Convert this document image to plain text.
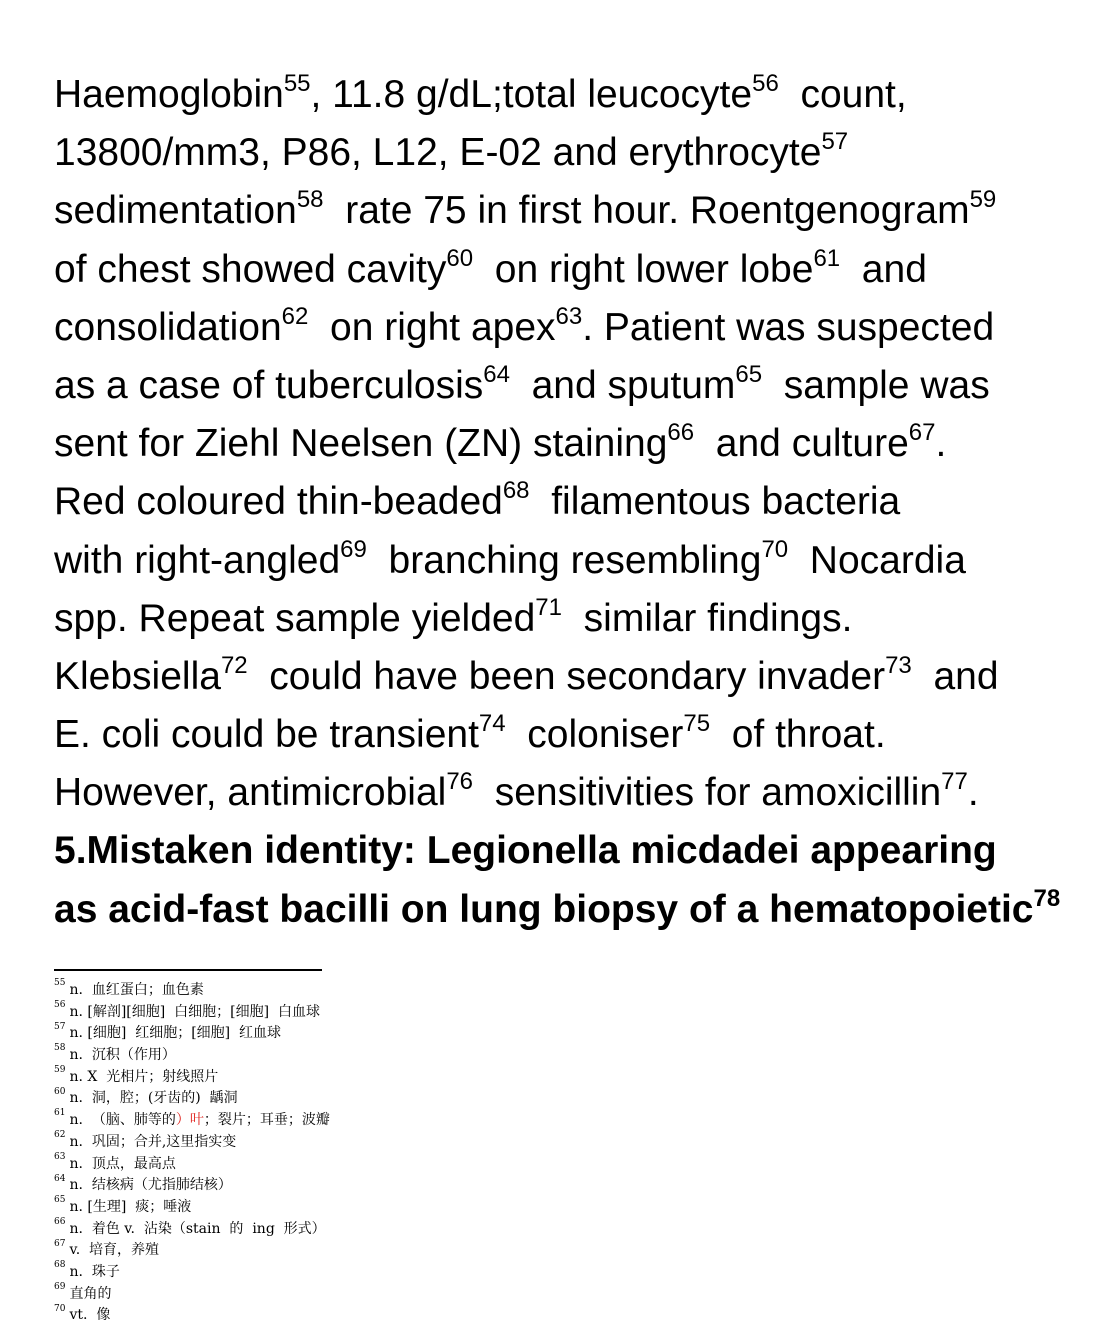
Haemoglobin$^{55}$, 11.8 g/dL;total leucocyte$^{56}$  count,
13800/mm3, P86, L12, E‑02 and erythrocyte$^{57}$
sedimentation$^{58}$  rate 75 in first hour. Roentgenogram$^{59}$
of chest showed cavity$^{60}$  on right lower lobe$^{61}$  and
consolidation$^{62}$  on right apex$^{63}$. Patient was suspected
as a case of tuberculosis$^{64}$  and sputum$^{65}$  sample was
sent for Ziehl Neelsen (ZN) staining$^{66}$  and culture$^{67}$.
Red coloured thin‑beaded$^{68}$  filamentous bacteria
with right‑angled$^{69}$  branching resembling$^{70}$  Nocardia
spp. Repeat sample yielded$^{71}$  similar findings.
Klebsiella$^{72}$  could have been secondary invader$^{73}$  and
E. coli could be transient$^{74}$  coloniser$^{75}$  of throat.
However, antimicrobial$^{76}$  sensitivities for amoxicillin$^{77}$.
5.Mistaken identity: Legionella micdadei appearing
as acid-fast bacilli on lung biopsy of a hematopoietic$^{78}$
$^{55}$ n.  血红蛋白；血色素
$^{56}$ n. [解剖][细胞]  白细胞；[细胞]  白血球
$^{57}$ n. [细胞]  红细胞；[细胞]  红血球
$^{58}$ n.  沉积（作用）
$^{59}$ n. X  光相片；射线照片
$^{60}$ n.  洞，腔；(牙齿的)  龋洞
$^{61}$ n.  （脑、肺等的）叶；裂片；耳垂；波瓣
$^{62}$ n.  巩固；合并,这里指实变
$^{63}$ n.  顶点，最高点
$^{64}$ n.  结核病（尤指肺结核）
$^{65}$ n. [生理]  痰；唾液
$^{66}$ n.  着色 v.  沾染（stain  的  ing  形式）
$^{67}$ v.  培育，养殖
$^{68}$ n.  珠子
$^{69}$ 直角的
$^{70}$ vt.  像
